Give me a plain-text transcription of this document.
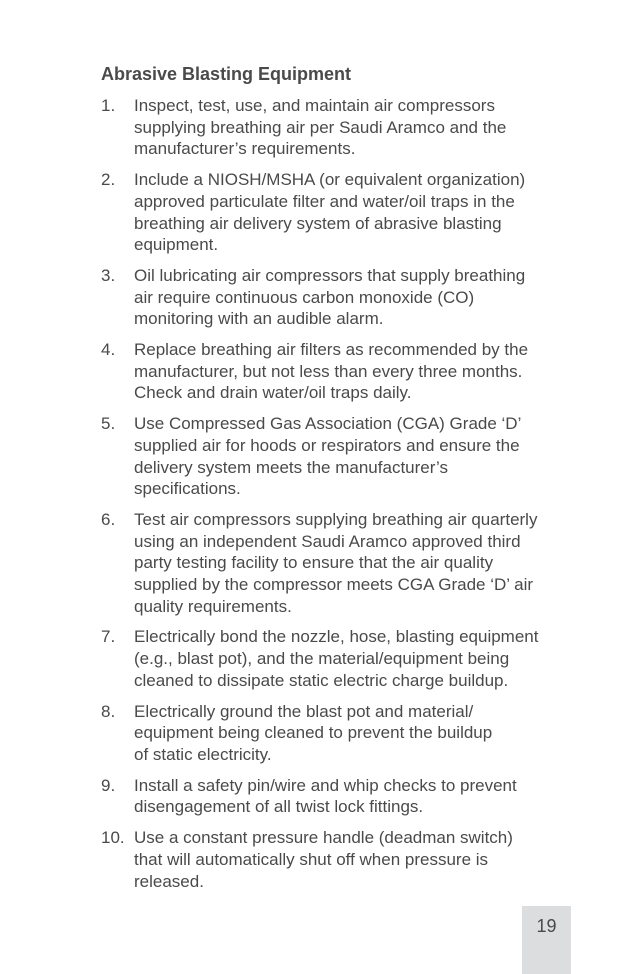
Abrasive Blasting Equipment
1. Inspect, test, use, and maintain air compressors
supplying breathing air per Saudi Aramco and the
manufacturer’s requirements.
2. Include a NIOSH/MSHA (or equivalent organization)
approved particulate filter and water/oil traps in the
breathing air delivery system of abrasive blasting
equipment.
3. Oil lubricating air compressors that supply breathing
air require continuous carbon monoxide (CO)
monitoring with an audible alarm.
4. Replace breathing air filters as recommended by the
manufacturer, but not less than every three months.
Check and drain water/oil traps daily.
5. Use Compressed Gas Association (CGA) Grade ‘D’
supplied air for hoods or respirators and ensure the
delivery system meets the manufacturer’s
specifications.
6. Test air compressors supplying breathing air quarterly
using an independent Saudi Aramco approved third
party testing facility to ensure that the air quality
supplied by the compressor meets CGA Grade ‘D’ air
quality requirements.
7. Electrically bond the nozzle, hose, blasting equipment
(e.g., blast pot), and the material/equipment being
cleaned to dissipate static electric charge buildup.
8. Electrically ground the blast pot and material/
equipment being cleaned to prevent the buildup
of static electricity.
9. Install a safety pin/wire and whip checks to prevent
disengagement of all twist lock fittings.
10. Use a constant pressure handle (deadman switch)
that will automatically shut off when pressure is
released.
19
